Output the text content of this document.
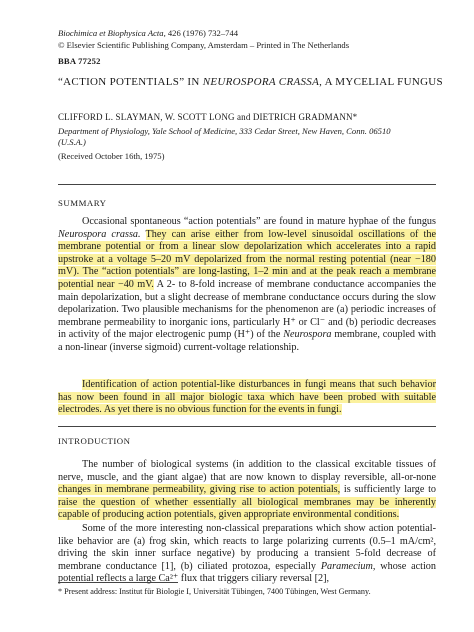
Biochimica et Biophysica Acta, 426 (1976) 732–744
© Elsevier Scientific Publishing Company, Amsterdam – Printed in The Netherlands

BBA 77252

“ACTION POTENTIALS” IN NEUROSPORA CRASSA, A MYCELIAL FUNGUS

CLIFFORD L. SLAYMAN, W. SCOTT LONG and DIETRICH GRADMANN*

Department of Physiology, Yale School of Medicine, 333 Cedar Street, New Haven, Conn. 06510
(U.S.A.)

(Received October 16th, 1975)

SUMMARY

Occasional spontaneous “action potentials” are found in mature hyphae of the fungus Neurospora crassa. They can arise either from low-level sinusoidal oscillations of the membrane potential or from a linear slow depolarization which accelerates into a rapid upstroke at a voltage 5–20 mV depolarized from the normal resting potential (near −180 mV). The “action potentials” are long-lasting, 1–2 min and at the peak reach a membrane potential near −40 mV. A 2- to 8-fold increase of membrane conductance accompanies the main depolarization, but a slight decrease of membrane conductance occurs during the slow depolarization. Two plausible mechanisms for the phenomenon are (a) periodic increases of membrane permeability to inorganic ions, particularly H⁺ or Cl⁻ and (b) periodic decreases in activity of the major electrogenic pump (H⁺) of the Neurospora membrane, coupled with a non-linear (inverse sigmoid) current-voltage relationship.

Identification of action potential-like disturbances in fungi means that such behavior has now been found in all major biologic taxa which have been probed with suitable electrodes. As yet there is no obvious function for the events in fungi.

INTRODUCTION

The number of biological systems (in addition to the classical excitable tissues of nerve, muscle, and the giant algae) that are now known to display reversible, all-or-none changes in membrane permeability, giving rise to action potentials, is sufficiently large to raise the question of whether essentially all biological membranes may be inherently capable of producing action potentials, given appropriate environmental conditions.

Some of the more interesting non-classical preparations which show action potential-like behavior are (a) frog skin, which reacts to large polarizing currents (0.5–1 mA/cm², driving the skin inner surface negative) by producing a transient 5-fold decrease of membrane conductance [1], (b) ciliated protozoa, especially Paramecium, whose action potential reflects a large Ca²⁺ flux that triggers ciliary reversal [2],

* Present address: Institut für Biologie I, Universität Tübingen, 7400 Tübingen, West Germany.
